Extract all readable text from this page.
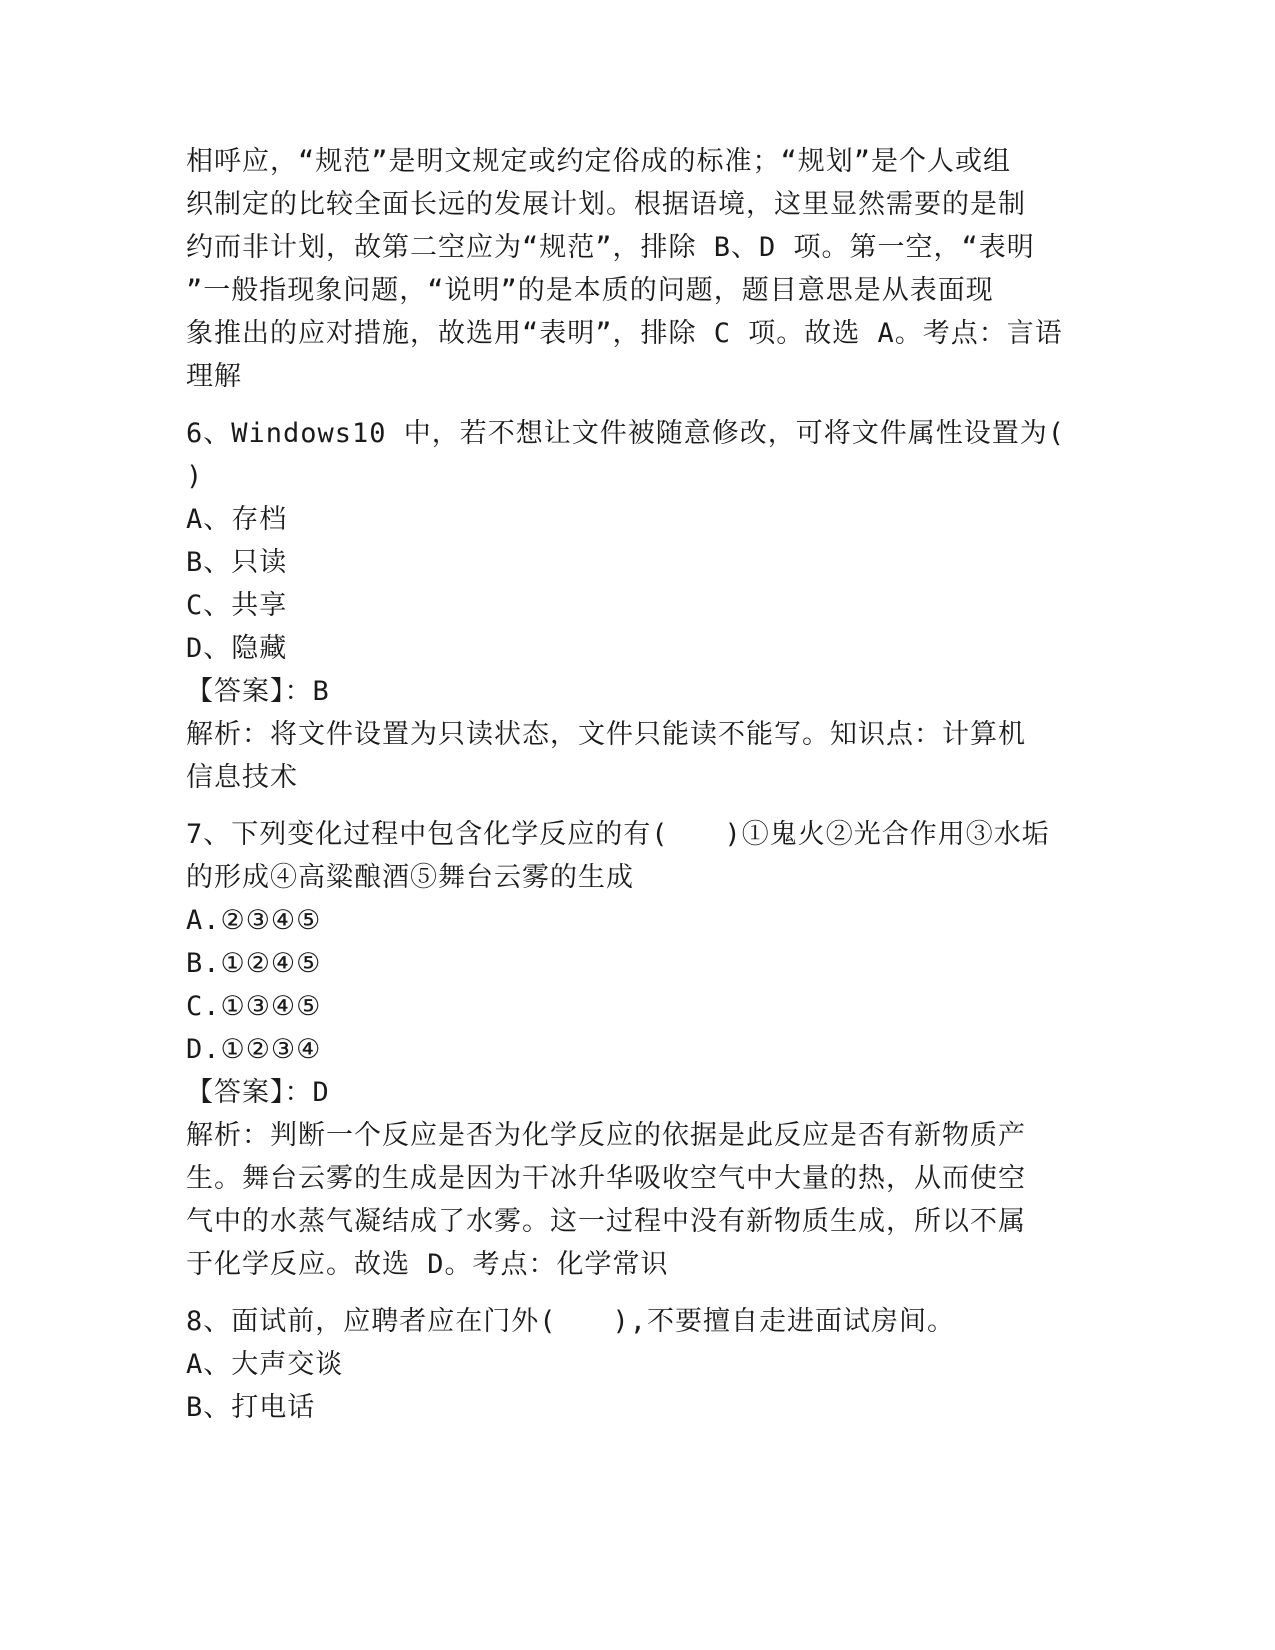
相呼应，“规范”是明文规定或约定俗成的标准；“规划”是个人或组
织制定的比较全面长远的发展计划。根据语境，这里显然需要的是制
约而非计划，故第二空应为“规范”，排除 B、D 项。第一空，“表明
”一般指现象问题，“说明”的是本质的问题，题目意思是从表面现
象推出的应对措施，故选用“表明”，排除 C 项。故选 A。考点：言语
理解
6、Windows10 中，若不想让文件被随意修改，可将文件属性设置为(
)
A、存档
B、只读
C、共享
D、隐藏
【答案】：B
解析：将文件设置为只读状态，文件只能读不能写。知识点：计算机
信息技术
7、下列变化过程中包含化学反应的有(　　)①鬼火②光合作用③水垢
的形成④高粱酿酒⑤舞台云雾的生成
A.②③④⑤
B.①②④⑤
C.①③④⑤
D.①②③④
【答案】：D
解析：判断一个反应是否为化学反应的依据是此反应是否有新物质产
生。舞台云雾的生成是因为干冰升华吸收空气中大量的热，从而使空
气中的水蒸气凝结成了水雾。这一过程中没有新物质生成，所以不属
于化学反应。故选 D。考点：化学常识
8、面试前，应聘者应在门外(　　),不要擅自走进面试房间。
A、大声交谈
B、打电话
